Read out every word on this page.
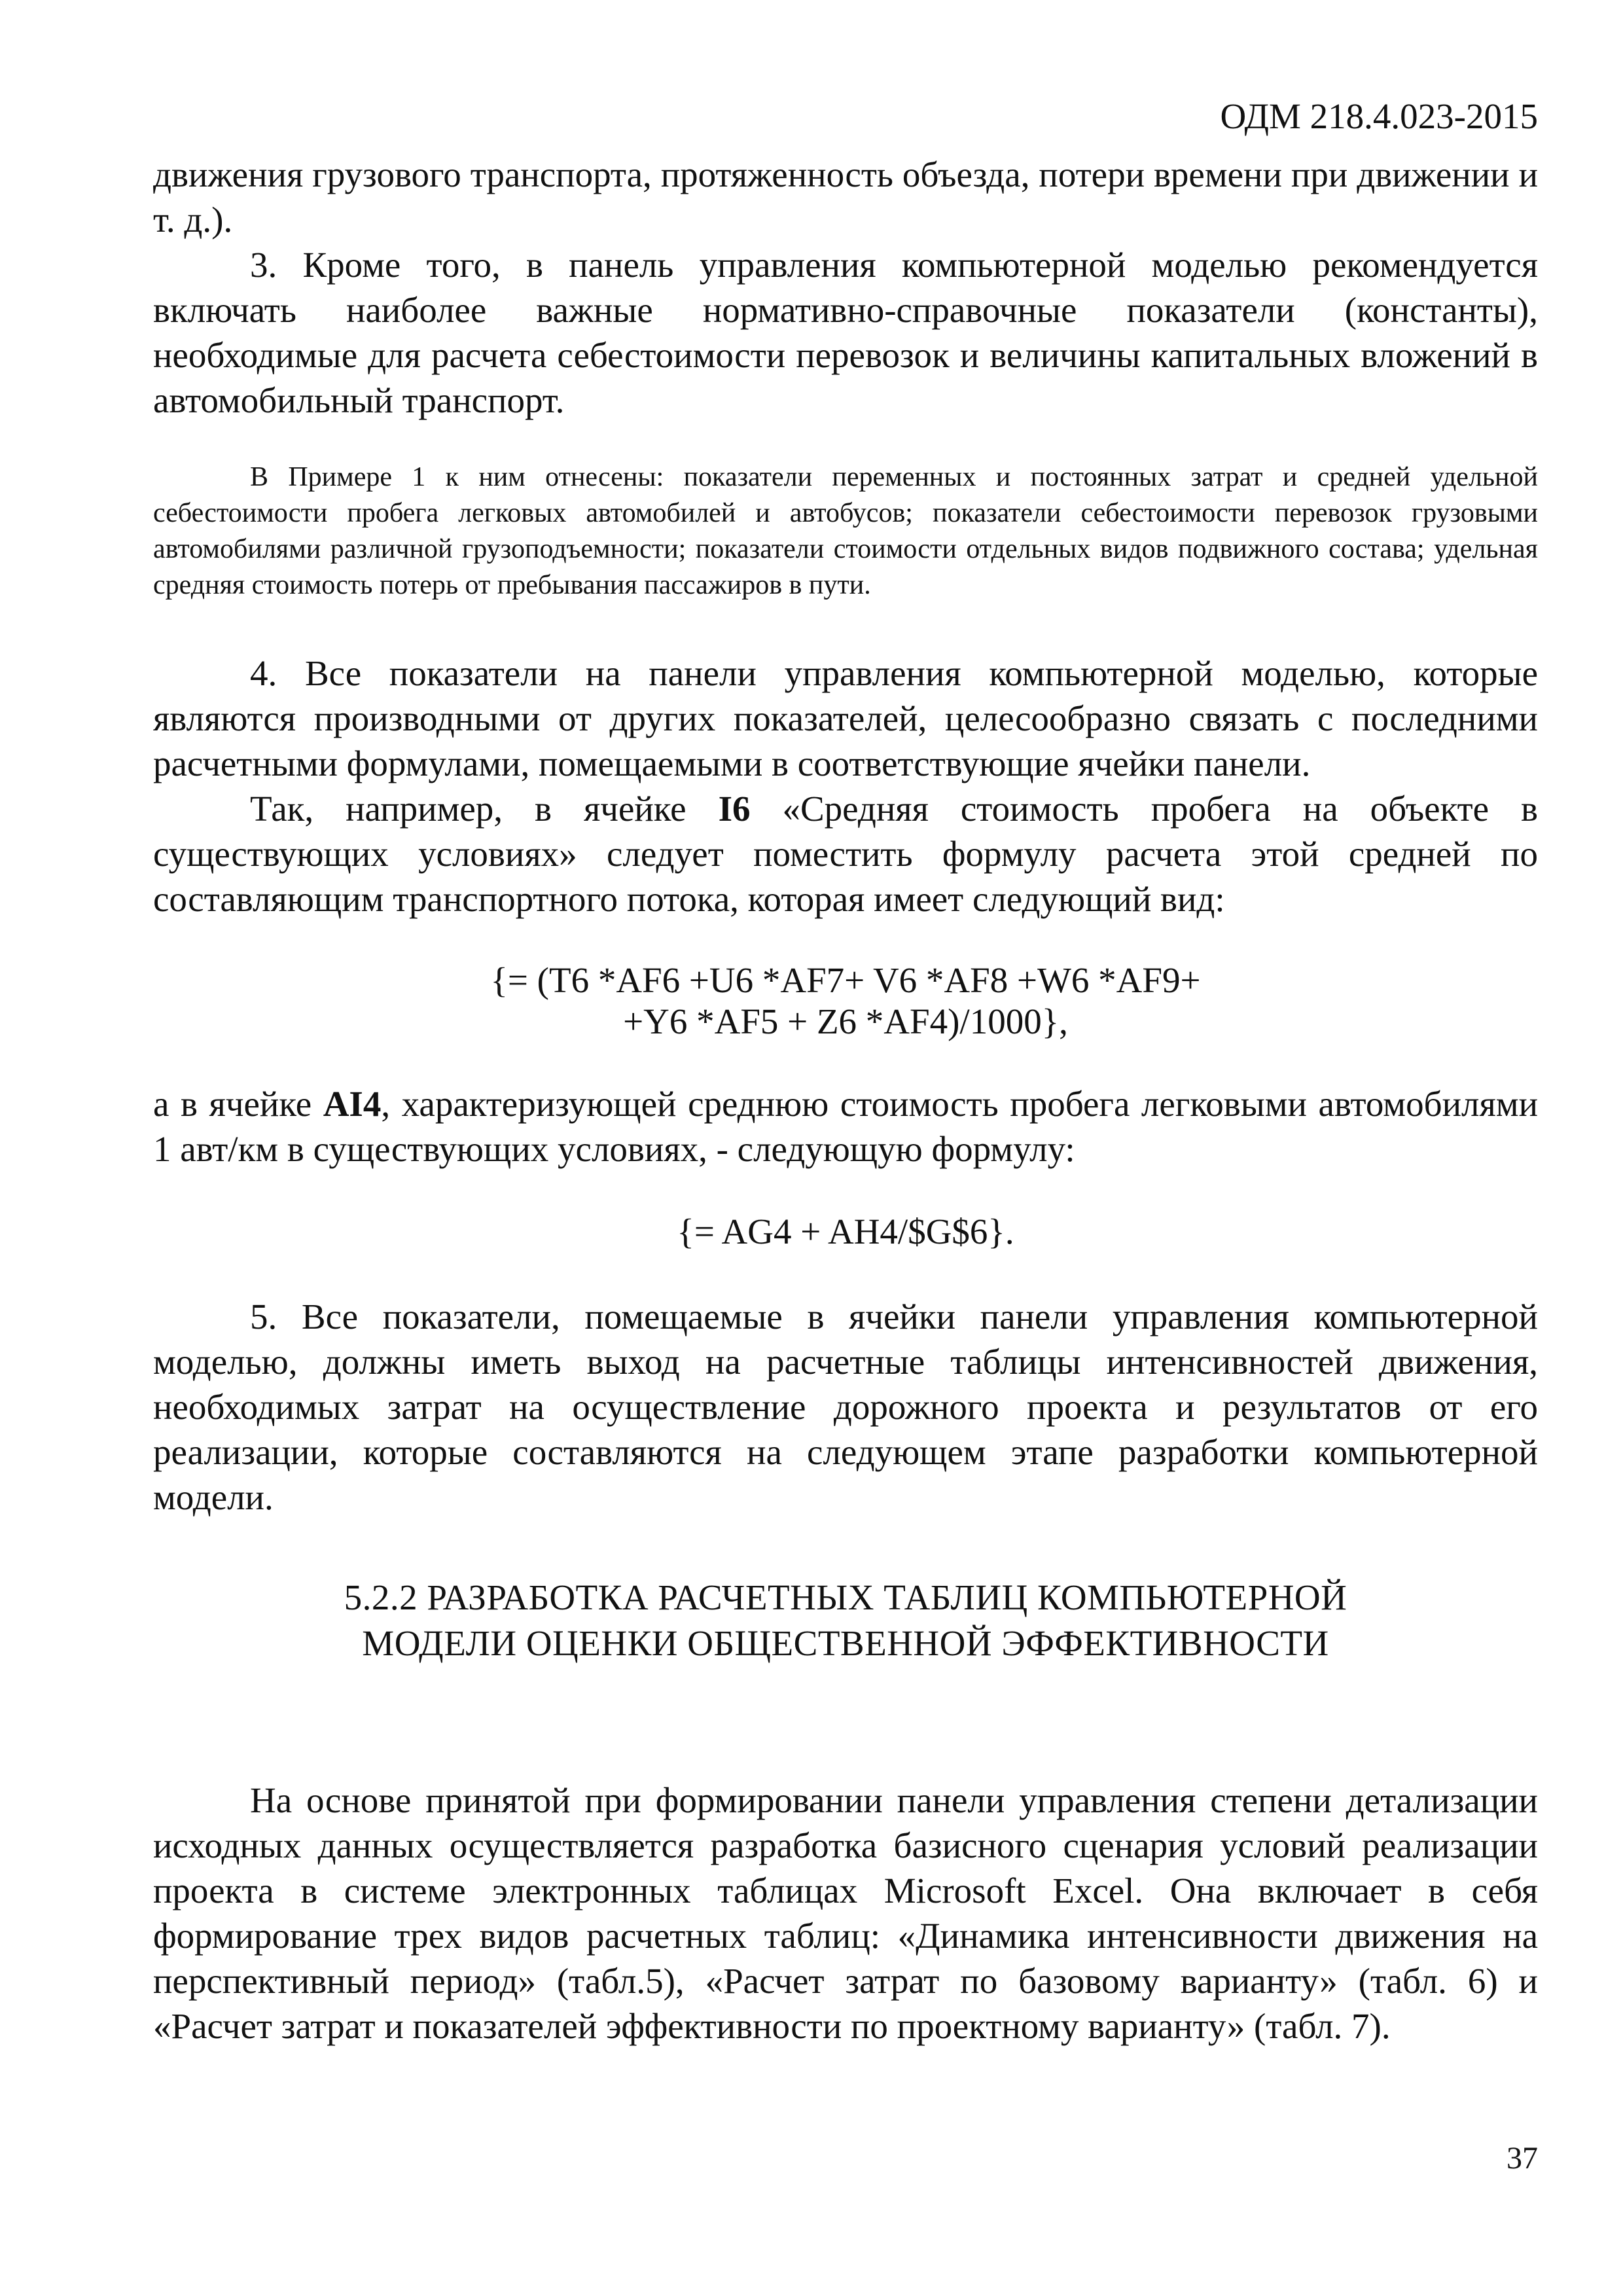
ОДМ 218.4.023-2015

движения грузового транспорта, протяженность объезда, потери времени при движении и т. д.).

3. Кроме того, в панель управления компьютерной моделью рекомендуется включать наиболее важные нормативно-справочные показатели (константы), необходимые для расчета себестоимости перевозок и величины капитальных вложений в автомобильный транспорт.

В Примере 1 к ним отнесены: показатели переменных и постоянных затрат и средней удельной себестоимости пробега легковых автомобилей и автобусов; показатели себестоимости перевозок грузовыми автомобилями различной грузоподъемности; показатели стоимости отдельных видов подвижного состава; удельная средняя стоимость потерь от пребывания пассажиров в пути.

4. Все показатели на панели управления компьютерной моделью, которые являются производными от других показателей, целесообразно связать с последними расчетными формулами, помещаемыми в соответствующие ячейки панели.

Так, например, в ячейке I6 «Средняя стоимость пробега на объекте в существующих условиях» следует поместить формулу расчета этой средней по составляющим транспортного потока, которая имеет следующий вид:

{= (T6 *AF6 +U6 *AF7+ V6 *AF8 +W6 *AF9+

+Y6 *AF5 + Z6 *AF4)/1000},

а в ячейке AI4, характеризующей среднюю стоимость пробега легковыми автомобилями 1 авт/км в существующих условиях, - следующую формулу:

{= AG4 + AH4/$G$6}.

5. Все показатели, помещаемые в ячейки панели управления компьютерной моделью, должны иметь выход на расчетные таблицы интенсивностей движения, необходимых затрат на осуществление дорожного проекта и результатов от его реализации, которые составляются на следующем этапе разработки компьютерной модели.

5.2.2 РАЗРАБОТКА РАСЧЕТНЫХ ТАБЛИЦ КОМПЬЮТЕРНОЙ

МОДЕЛИ ОЦЕНКИ ОБЩЕСТВЕННОЙ ЭФФЕКТИВНОСТИ

На основе принятой при формировании панели управления степени детализации исходных данных осуществляется разработка базисного сценария условий реализации проекта в системе электронных таблицах Microsoft Excel. Она включает в себя формирование трех видов расчетных таблиц: «Динамика интенсивности движения на перспективный период» (табл.5), «Расчет затрат по базовому варианту» (табл. 6) и «Расчет затрат и показателей эффективности по проектному варианту» (табл. 7).

37
